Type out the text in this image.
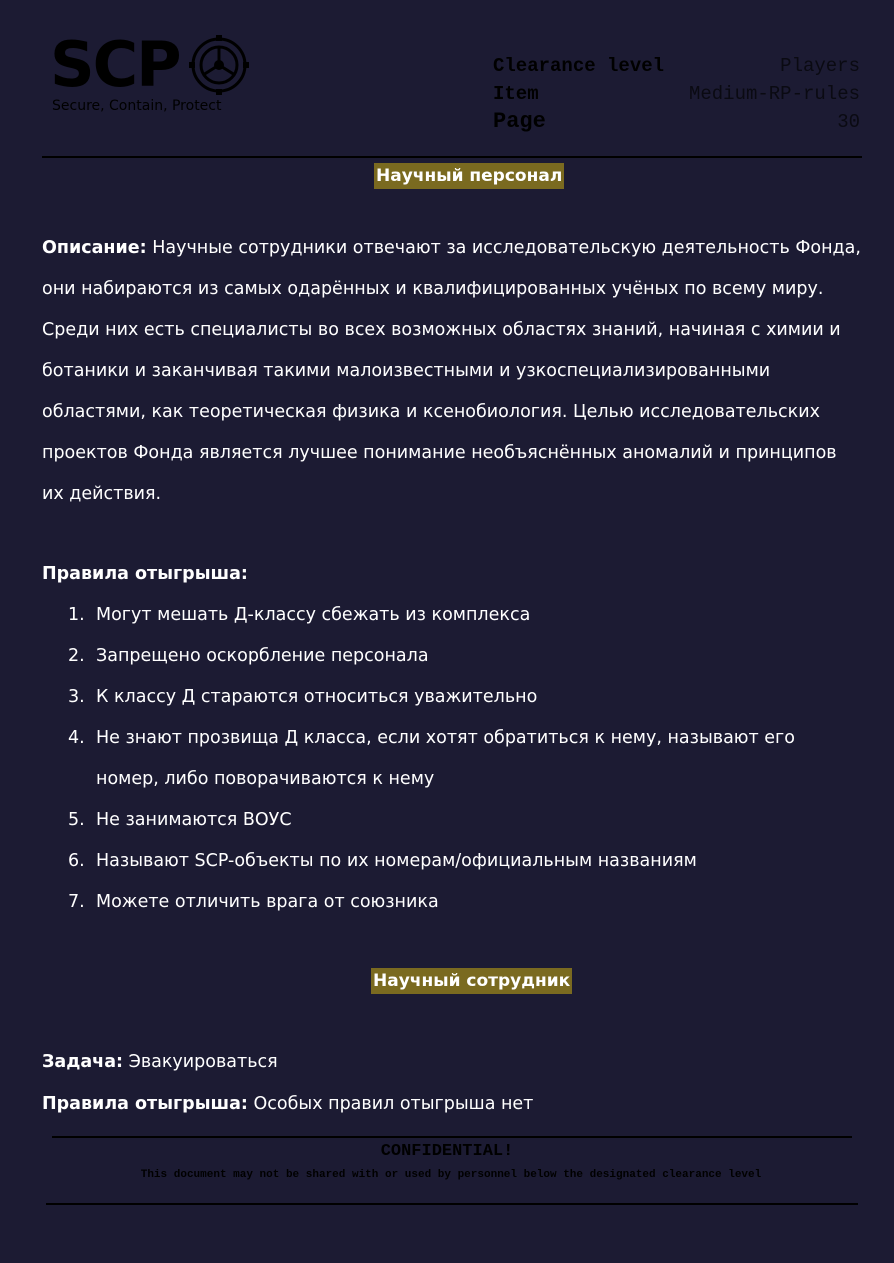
SCP
Secure, Contain, Protect
Clearance level	Players
Item	Medium-RP-rules
Page	30
Научный персонал
Описание: Научные сотрудники отвечают за исследовательскую деятельность Фонда,
они набираются из самых одарённых и квалифицированных учёных по всему миру.
Среди них есть специалисты во всех возможных областях знаний, начиная с химии и
ботаники и заканчивая такими малоизвестными и узкоспециализированными
областями, как теоретическая физика и ксенобиология. Целью исследовательских
проектов Фонда является лучшее понимание необъяснённых аномалий и принципов
их действия.
Правила отыгрыша:
1. Могут мешать Д-классу сбежать из комплекса
2. Запрещено оскорбление персонала
3. К классу Д стараются относиться уважительно
4. Не знают прозвища Д класса, если хотят обратиться к нему, называют его
номер, либо поворачиваются к нему
5. Не занимаются ВОУС
6. Называют SCP-объекты по их номерам/официальным названиям
7. Можете отличить врага от союзника
Научный сотрудник
Задача: Эвакуироваться
Правила отыгрыша: Особых правил отыгрыша нет
CONFIDENTIAL!
This document may not be shared with or used by personnel below the designated clearance level
